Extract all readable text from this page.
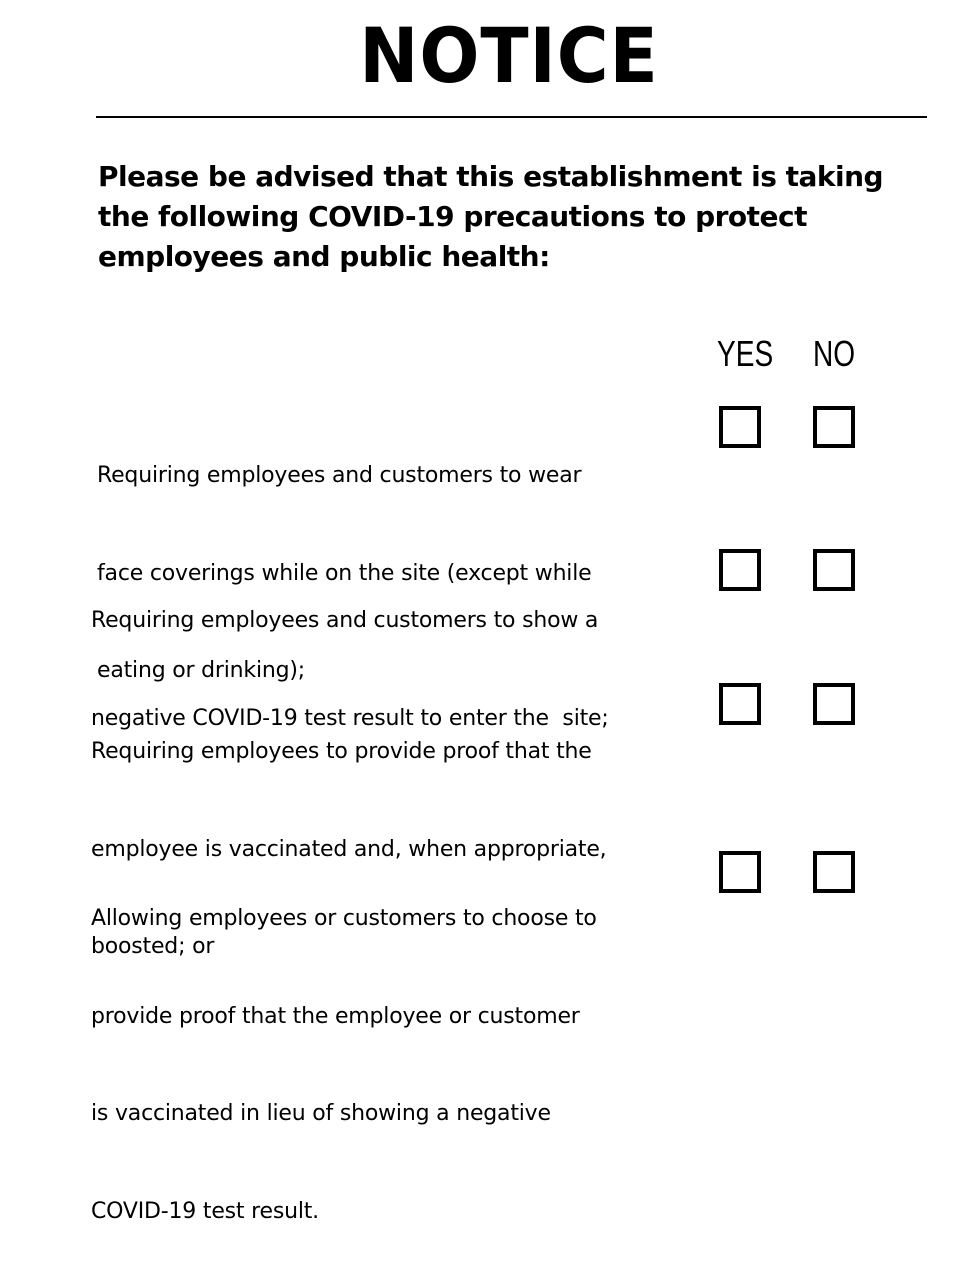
NOTICE
Please be advised that this establishment is taking
the following COVID-19 precautions to protect
employees and public health:
YES NO

Requiring employees and customers to wear

face coverings while on the site (except while

eating or drinking);

Requiring employees and customers to show a

negative COVID-19 test result to enter the  site;

Requiring employees to provide proof that the

employee is vaccinated and, when appropriate,

boosted; or

Allowing employees or customers to choose to

provide proof that the employee or customer

is vaccinated in lieu of showing a negative

COVID-19 test result.
